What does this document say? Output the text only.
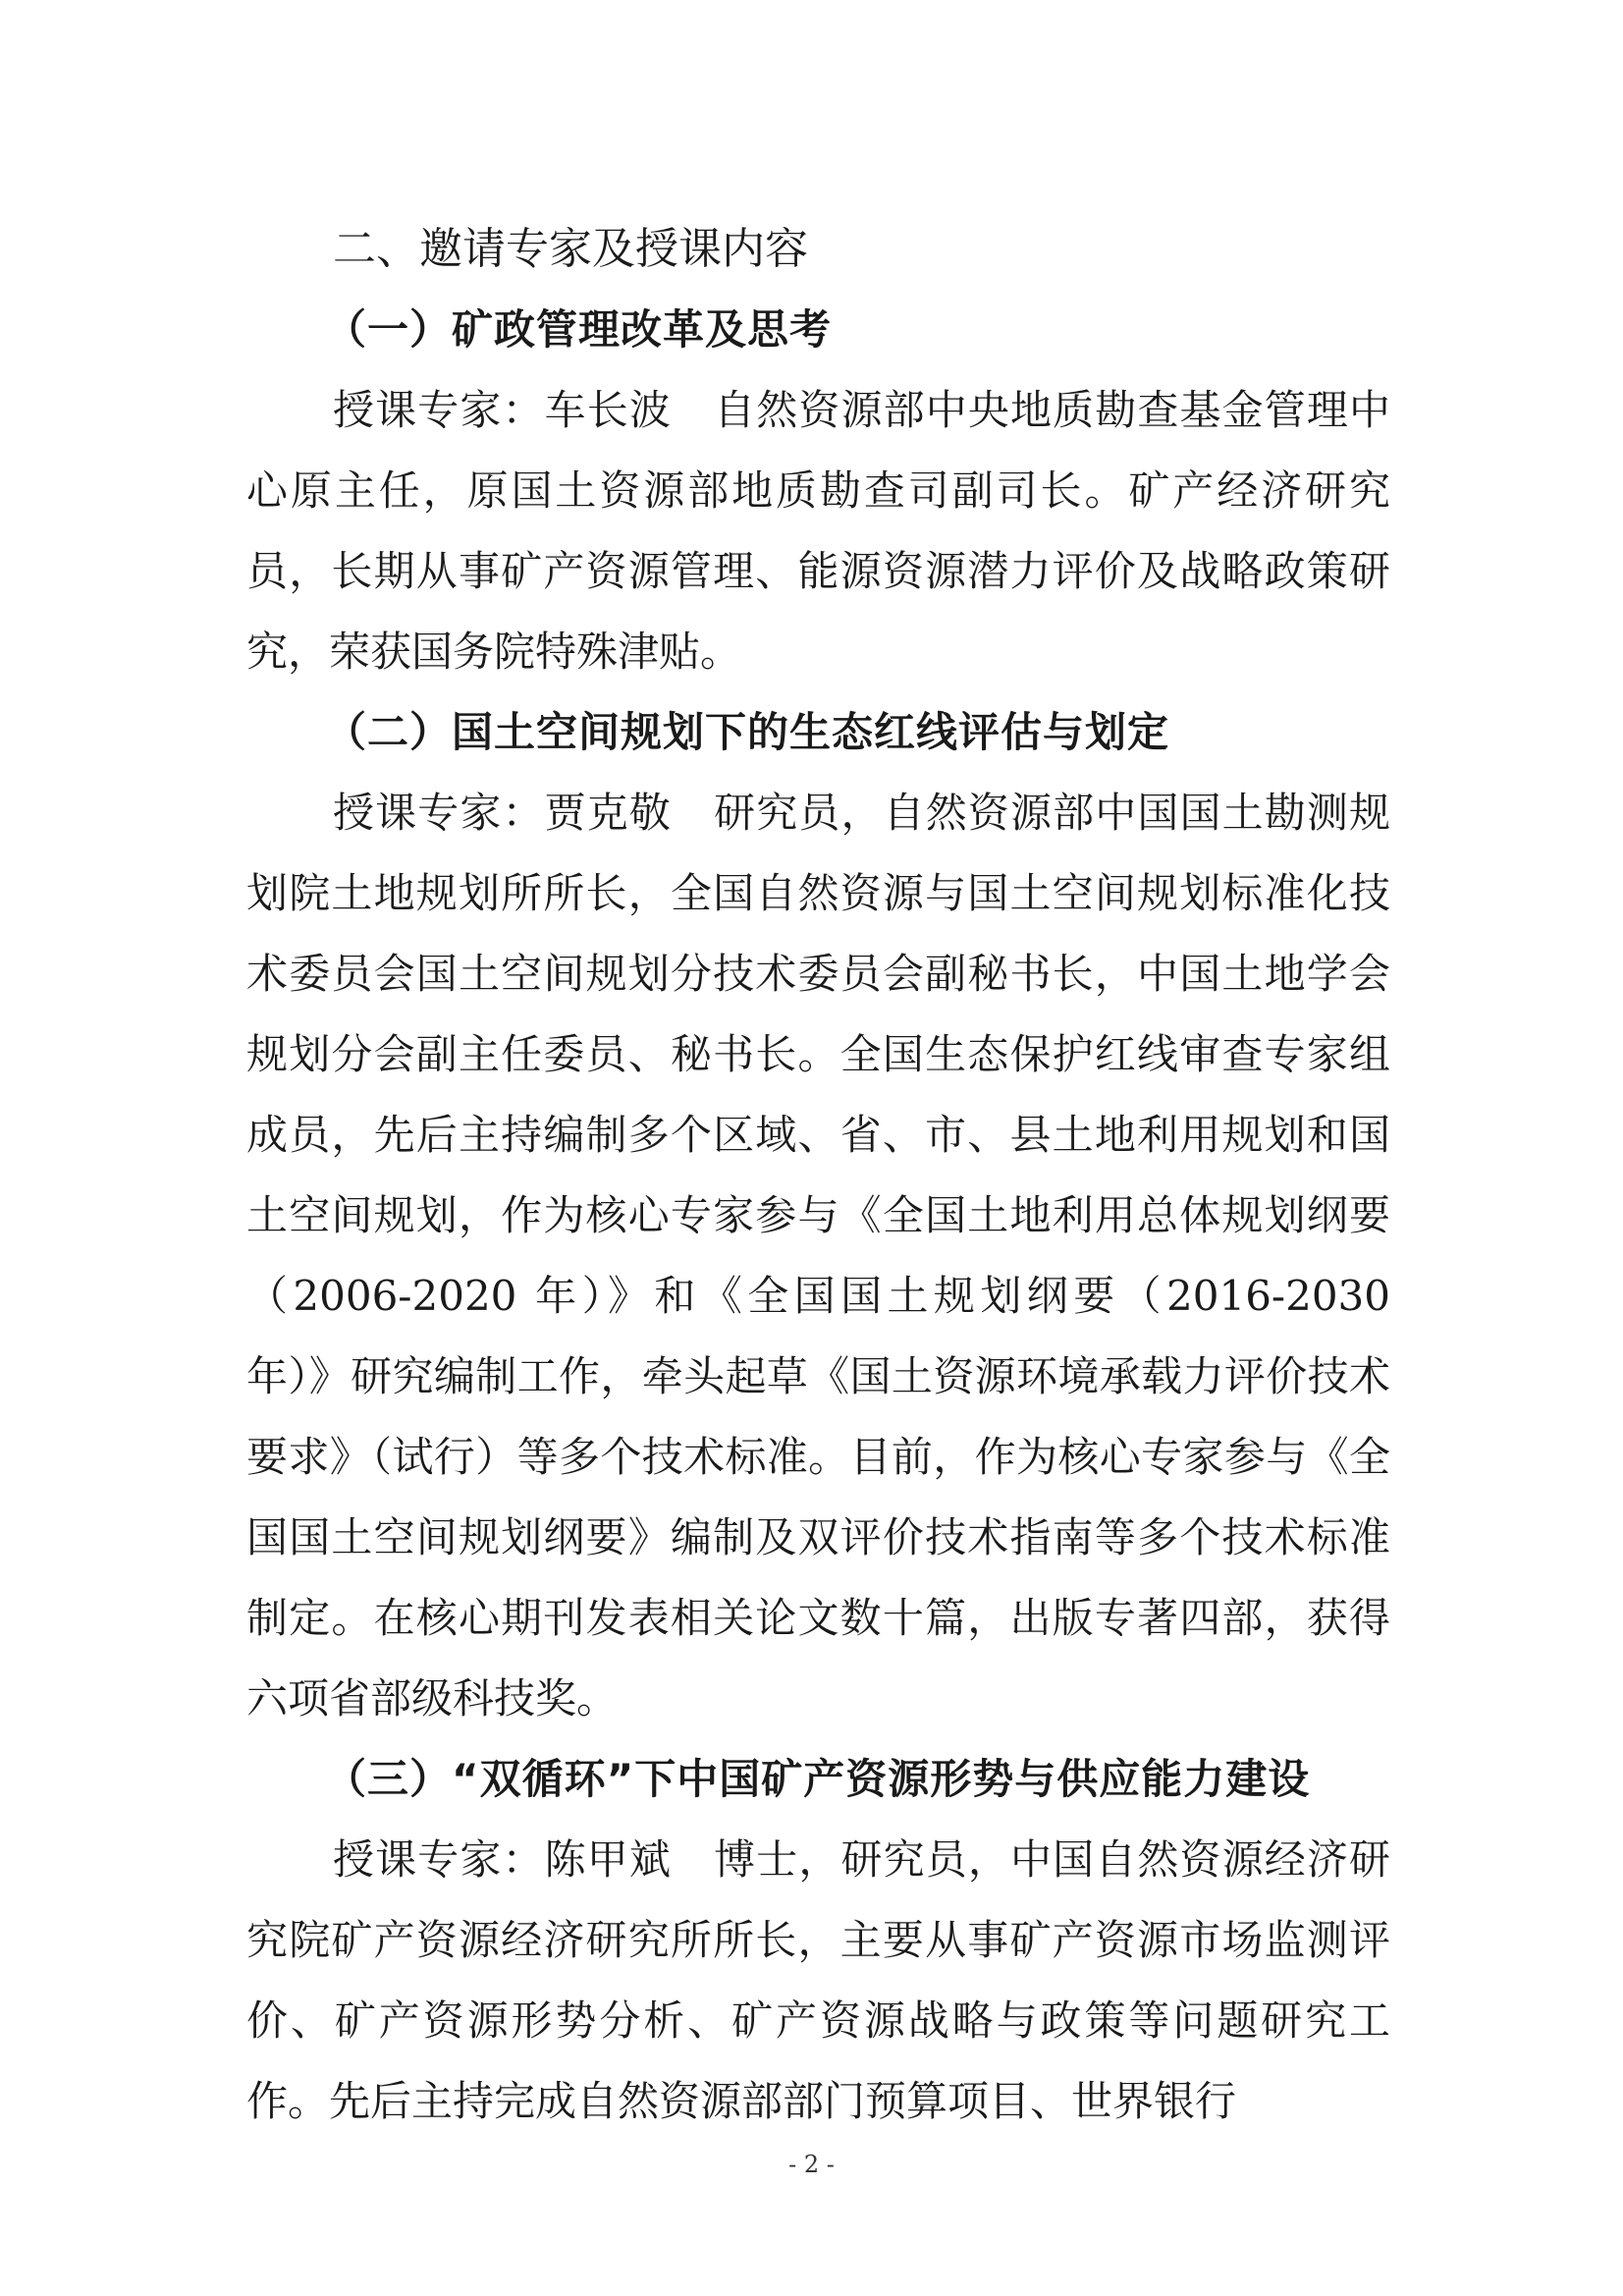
二、邀请专家及授课内容
（一）矿政管理改革及思考

授课专家：车长波　自然资源部中央地质勘查基金管理中心原主任，原国土资源部地质勘查司副司长。矿产经济研究员，长期从事矿产资源管理、能源资源潜力评价及战略政策研究，荣获国务院特殊津贴。

（二）国土空间规划下的生态红线评估与划定

授课专家：贾克敬　研究员，自然资源部中国国土勘测规划院土地规划所所长，全国自然资源与国土空间规划标准化技术委员会国土空间规划分技术委员会副秘书长，中国土地学会规划分会副主任委员、秘书长。全国生态保护红线审查专家组成员，先后主持编制多个区域、省、市、县土地利用规划和国土空间规划，作为核心专家参与《全国土地利用总体规划纲要（2006-2020 年）》和《全国国土规划纲要（2016-2030 年）》研究编制工作，牵头起草《国土资源环境承载力评价技术要求》（试行）等多个技术标准。目前，作为核心专家参与《全国国土空间规划纲要》编制及双评价技术指南等多个技术标准制定。在核心期刊发表相关论文数十篇，出版专著四部，获得六项省部级科技奖。

（三）“双循环”下中国矿产资源形势与供应能力建设

授课专家：陈甲斌　博士，研究员，中国自然资源经济研究院矿产资源经济研究所所长，主要从事矿产资源市场监测评价、矿产资源形势分析、矿产资源战略与政策等问题研究工作。先后主持完成自然资源部部门预算项目、世界银行

- 2 -
